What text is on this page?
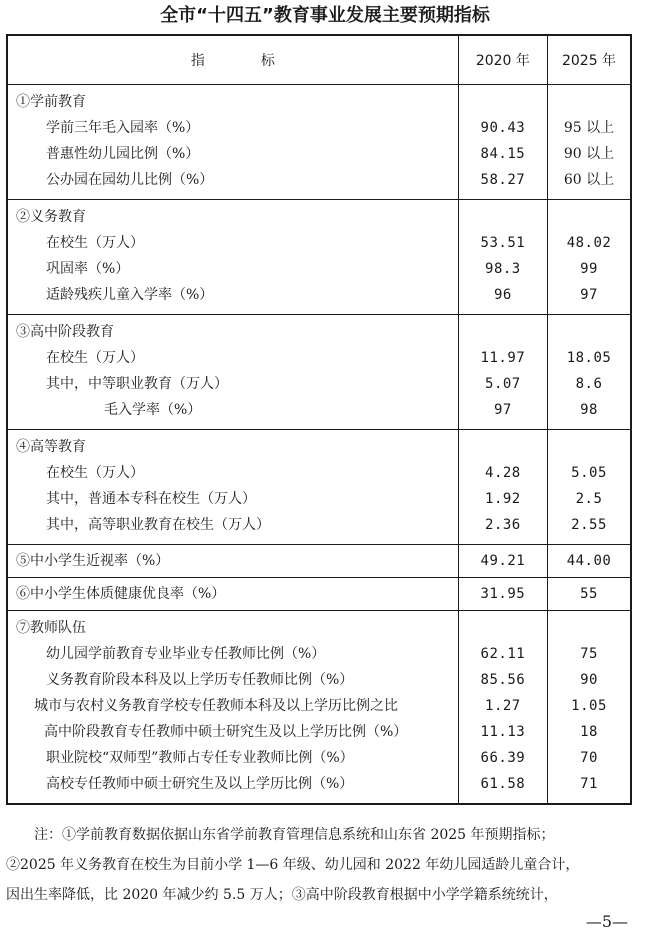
全市“十四五”教育事业发展主要预期指标
指 标	2020 年	2025 年
①学前教育		
学前三年毛入园率（%）	90.43	95 以上
普惠性幼儿园比例（%）	84.15	90 以上
公办园在园幼儿比例（%）	58.27	60 以上
②义务教育		
在校生（万人）	53.51	48.02
巩固率（%）	98.3	99
适龄残疾儿童入学率（%）	96	97
③高中阶段教育		
在校生（万人）	11.97	18.05
其中，中等职业教育（万人）	5.07	8.6
毛入学率（%）	97	98
④高等教育		
在校生（万人）	4.28	5.05
其中，普通本专科在校生（万人）	1.92	2.5
其中，高等职业教育在校生（万人）	2.36	2.55
⑤中小学生近视率（%）	49.21	44.00
⑥中小学生体质健康优良率（%）	31.95	55
⑦教师队伍		
幼儿园学前教育专业毕业专任教师比例（%）	62.11	75
义务教育阶段本科及以上学历专任教师比例（%）	85.56	90
城市与农村义务教育学校专任教师本科及以上学历比例之比	1.27	1.05
高中阶段教育专任教师中硕士研究生及以上学历比例（%）	11.13	18
职业院校“双师型”教师占专任专业教师比例（%）	66.39	70
高校专任教师中硕士研究生及以上学历比例（%）	61.58	71

注：①学前教育数据依据山东省学前教育管理信息系统和山东省 2025 年预期指标；

②2025 年义务教育在校生为目前小学 1—6 年级、幼儿园和 2022 年幼儿园适龄儿童合计，

因出生率降低，比 2020 年减少约 5.5 万人；③高中阶段教育根据中小学学籍系统统计，

—5—
